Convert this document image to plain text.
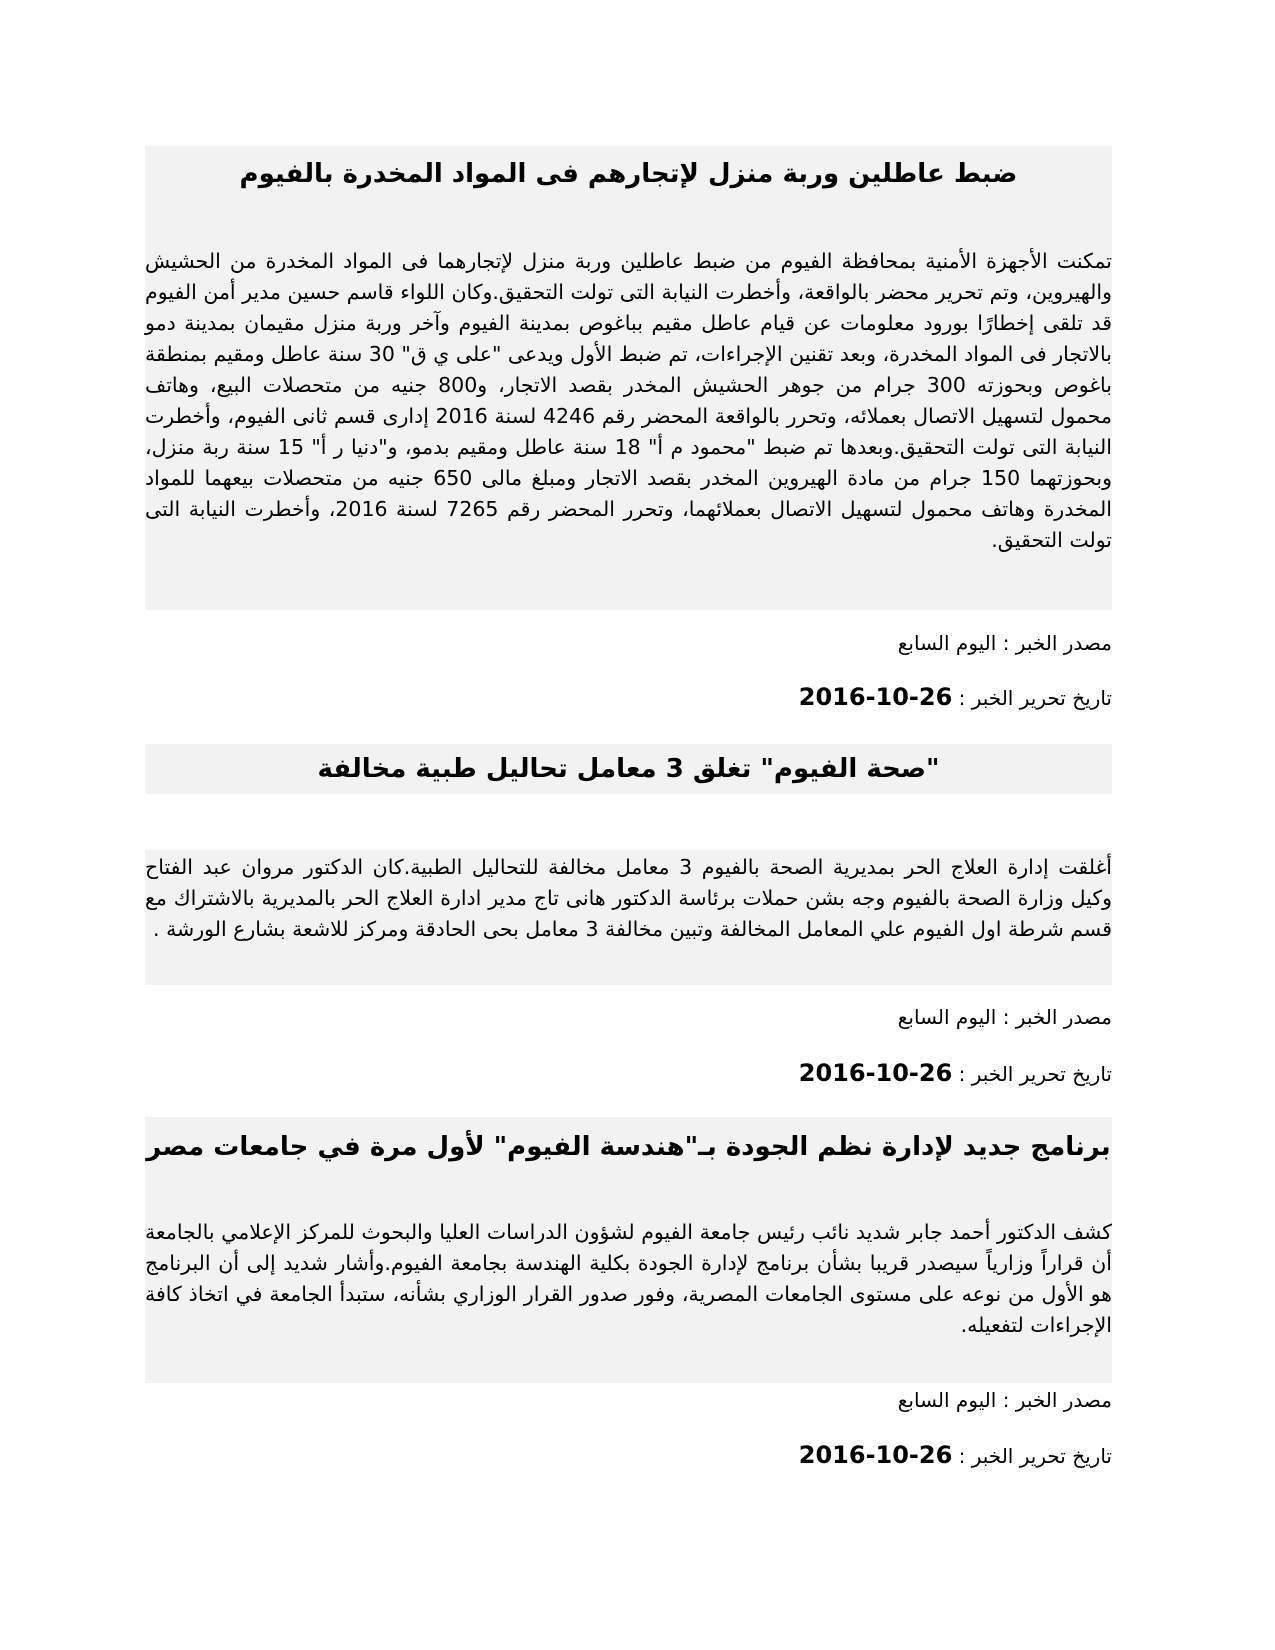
ضبط عاطلين وربة منزل لإتجارهم فى المواد المخدرة بالفيوم

تمكنت الأجهزة الأمنية بمحافظة الفيوم من ضبط عاطلين وربة منزل لإتجارهما فى المواد المخدرة من الحشيش والهيروين، وتم تحرير محضر بالواقعة، وأخطرت النيابة التى تولت التحقيق.وكان اللواء قاسم حسين مدير أمن الفيوم قد تلقى إخطارًا بورود معلومات عن قيام عاطل مقيم بباغوص بمدينة الفيوم وآخر وربة منزل مقيمان بمدينة دمو بالاتجار فى المواد المخدرة، وبعد تقنين الإجراءات، تم ضبط الأول ويدعى "على ي ق" 30 سنة عاطل ومقيم بمنطقة باغوص وبحوزته 300 جرام من جوهر الحشيش المخدر بقصد الاتجار، و800 جنيه من متحصلات البيع، وهاتف محمول لتسهيل الاتصال بعملائه، وتحرر بالواقعة المحضر رقم 4246 لسنة 2016 إدارى قسم ثانى الفيوم، وأخطرت النيابة التى تولت التحقيق.وبعدها تم ضبط "محمود م أ" 18 سنة عاطل ومقيم بدمو، و"دنيا ر أ" 15 سنة ربة منزل، وبحوزتهما 150 جرام من مادة الهيروين المخدر بقصد الاتجار ومبلغ مالى 650 جنيه من متحصلات بيعهما للمواد المخدرة وهاتف محمول لتسهيل الاتصال بعملائهما، وتحرر المحضر رقم 7265 لسنة 2016، وأخطرت النيابة التى تولت التحقيق.

مصدر الخبر : اليوم السابع

تاريخ تحرير الخبر : 2016-10-26

"صحة الفيوم" تغلق 3 معامل تحاليل طبية مخالفة

أغلقت إدارة العلاج الحر بمديرية الصحة بالفيوم 3 معامل مخالفة للتحاليل الطبية.كان الدكتور مروان عبد الفتاح وكيل وزارة الصحة بالفيوم وجه بشن حملات برئاسة الدكتور هانى تاج مدير ادارة العلاج الحر بالمديرية بالاشتراك مع قسم شرطة اول الفيوم علي المعامل المخالفة وتبين مخالفة 3 معامل بحى الحادقة ومركز للاشعة بشارع الورشة .

مصدر الخبر : اليوم السابع

تاريخ تحرير الخبر : 2016-10-26

برنامج جديد لإدارة نظم الجودة بـ"هندسة الفيوم" لأول مرة في جامعات مصر

كشف الدكتور أحمد جابر شديد نائب رئيس جامعة الفيوم لشؤون الدراسات العليا والبحوث للمركز الإعلامي بالجامعة أن قراراً وزارياً سيصدر قريبا بشأن برنامج لإدارة الجودة بكلية الهندسة بجامعة الفيوم.وأشار شديد إلى أن البرنامج هو الأول من نوعه على مستوى الجامعات المصرية، وفور صدور القرار الوزاري بشأنه، ستبدأ الجامعة في اتخاذ كافة الإجراءات لتفعيله.

مصدر الخبر : اليوم السابع

تاريخ تحرير الخبر : 2016-10-26
